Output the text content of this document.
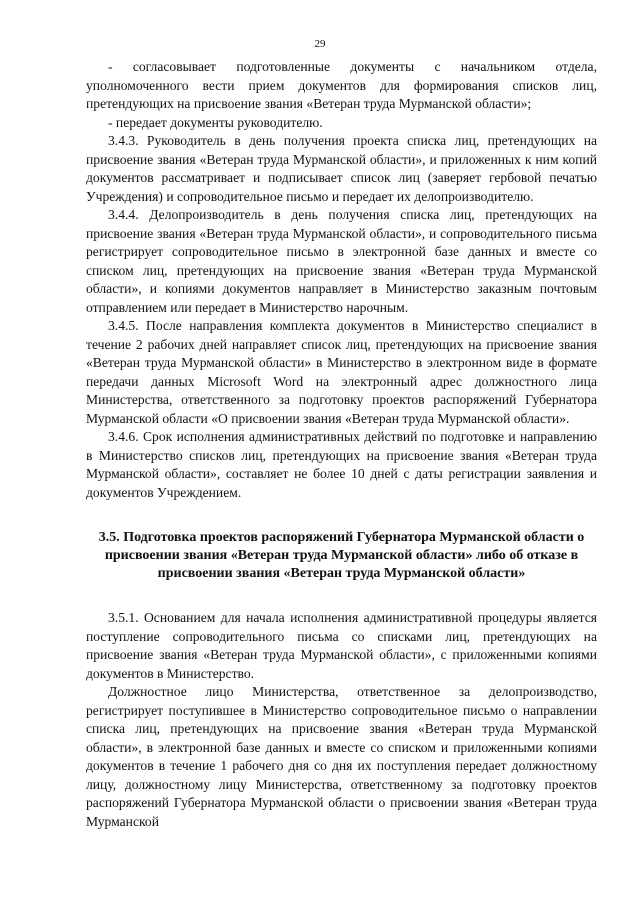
29

- согласовывает подготовленные документы с начальником отдела, уполномоченного вести прием документов для формирования списков лиц, претендующих на присвоение звания «Ветеран труда Мурманской области»;

- передает документы руководителю.

3.4.3. Руководитель в день получения проекта списка лиц, претендующих на присвоение звания «Ветеран труда Мурманской области», и приложенных к ним копий документов рассматривает и подписывает список лиц (заверяет гербовой печатью Учреждения) и сопроводительное письмо и передает их делопроизводителю.

3.4.4. Делопроизводитель в день получения списка лиц, претендующих на присвоение звания «Ветеран труда Мурманской области», и сопроводительного письма регистрирует сопроводительное письмо в электронной базе данных и вместе со списком лиц, претендующих на присвоение звания «Ветеран труда Мурманской области», и копиями документов направляет в Министерство заказным почтовым отправлением или передает в Министерство нарочным.

3.4.5. После направления комплекта документов в Министерство специалист в течение 2 рабочих дней направляет список лиц, претендующих на присвоение звания «Ветеран труда Мурманской области» в Министерство в электронном виде в формате передачи данных Microsoft Word на электронный адрес должностного лица Министерства, ответственного за подготовку проектов распоряжений Губернатора Мурманской области «О присвоении звания «Ветеран труда Мурманской области».

3.4.6. Срок исполнения административных действий по подготовке и направлению в Министерство списков лиц, претендующих на присвоение звания «Ветеран труда Мурманской области», составляет не более 10 дней с даты регистрации заявления и документов Учреждением.

3.5. Подготовка проектов распоряжений Губернатора Мурманской области о присвоении звания «Ветеран труда Мурманской области» либо об отказе в присвоении звания «Ветеран труда Мурманской области»

3.5.1. Основанием для начала исполнения административной процедуры является поступление сопроводительного письма со списками лиц, претендующих на присвоение звания «Ветеран труда Мурманской области», с приложенными копиями документов в Министерство.

Должностное лицо Министерства, ответственное за делопроизводство, регистрирует поступившее в Министерство сопроводительное письмо о направлении списка лиц, претендующих на присвоение звания «Ветеран труда Мурманской области», в электронной базе данных и вместе со списком и приложенными копиями документов в течение 1 рабочего дня со дня их поступления передает должностному лицу, должностному лицу Министерства, ответственному за подготовку проектов распоряжений Губернатора Мурманской области о присвоении звания «Ветеран труда Мурманской
